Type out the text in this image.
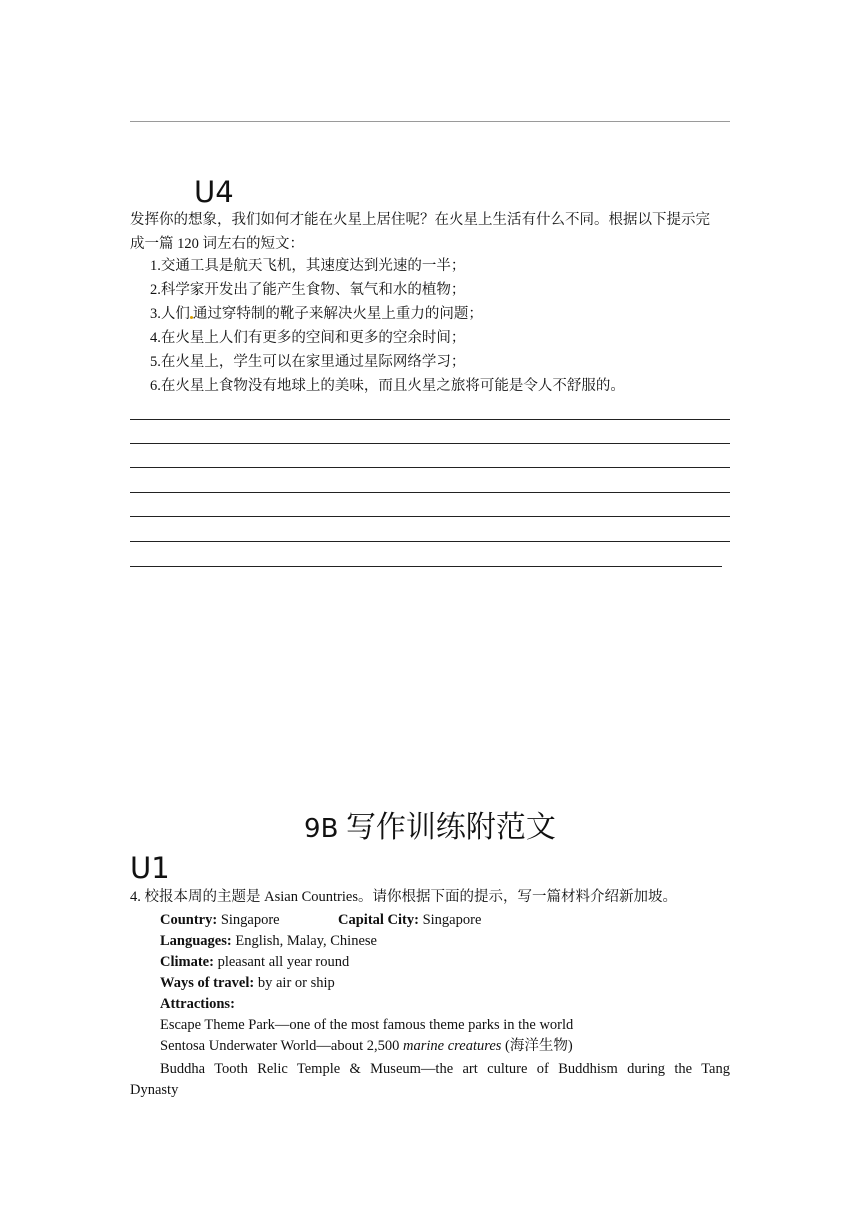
U4
发挥你的想象，我们如何才能在火星上居住呢？在火星上生活有什么不同。根据以下提示完
成一篇 120 词左右的短文：
1.交通工具是航天飞机，其速度达到光速的一半；
2.科学家开发出了能产生食物、氧气和水的植物；
3.人们 通过穿特制的靴子来解决火星上重力的问题；
4.在火星上人们有更多的空间和更多的空余时间；
5.在火星上，学生可以在家里通过星际网络学习；
6.在火星上食物没有地球上的美味，而且火星之旅将可能是令人不舒服的。
9B 写作训练附范文
U1
4. 校报本周的主题是 Asian Countries。请你根据下面的提示，写一篇材料介绍新加坡。
Country: Singapore	Capital City: Singapore
Languages: English, Malay, Chinese
Climate: pleasant all year round
Ways of travel: by air or ship
Attractions:
Escape Theme Park—one of the most famous theme parks in the world
Sentosa Underwater World—about 2,500 marine creatures (海洋生物)
Buddha Tooth Relic Temple & Museum—the art culture of Buddhism during the Tang
Dynasty
